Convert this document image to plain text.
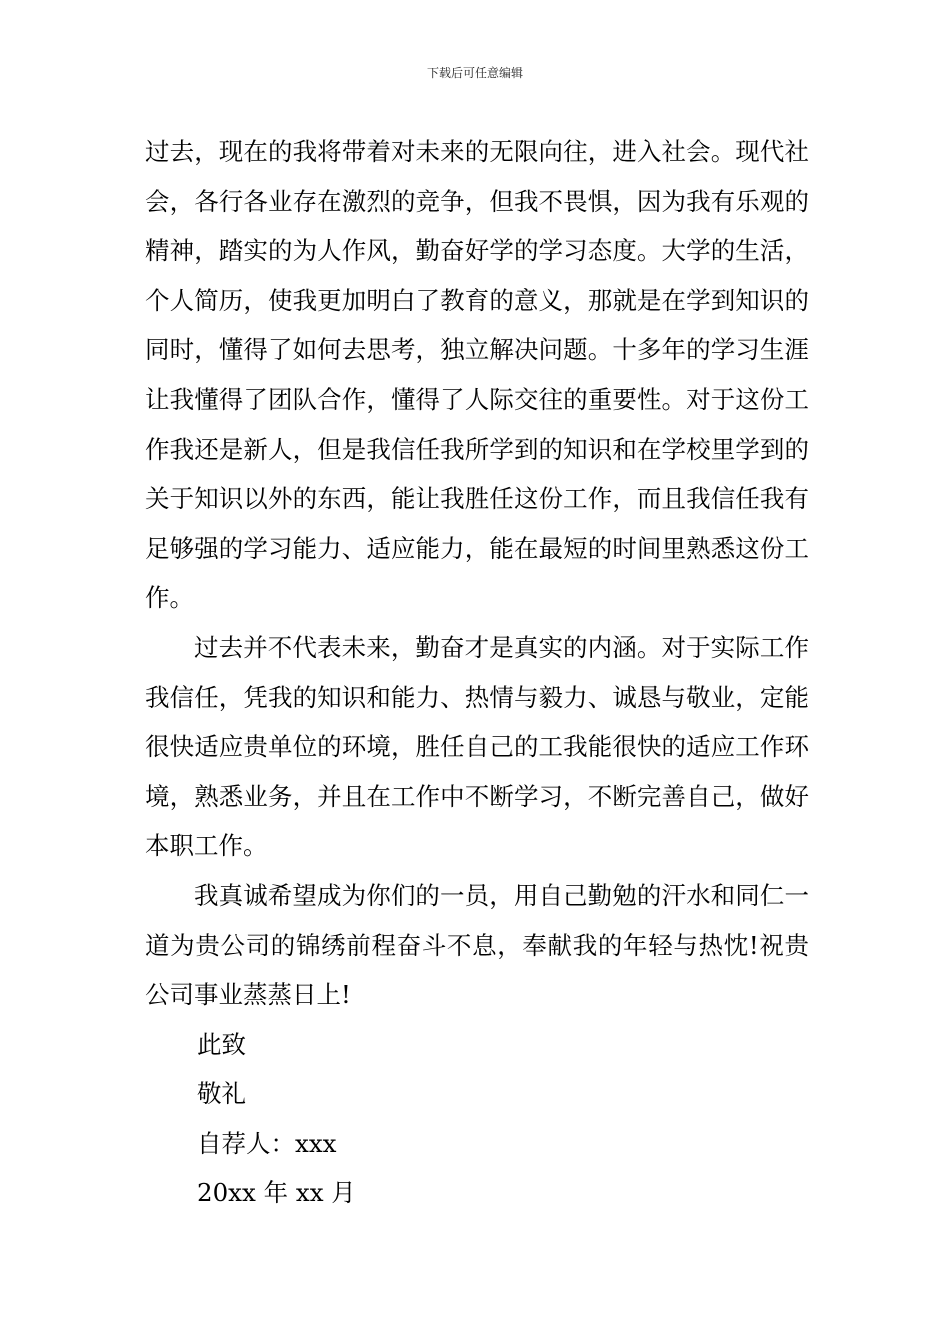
下载后可任意编辑

过去，现在的我将带着对未来的无限向往，进入社会。现代社会，各行各业存在激烈的竞争，但我不畏惧，因为我有乐观的精神，踏实的为人作风，勤奋好学的学习态度。大学的生活，个人简历，使我更加明白了教育的意义，那就是在学到知识的同时，懂得了如何去思考，独立解决问题。十多年的学习生涯让我懂得了团队合作，懂得了人际交往的重要性。对于这份工作我还是新人，但是我信任我所学到的知识和在学校里学到的关于知识以外的东西，能让我胜任这份工作，而且我信任我有足够强的学习能力、适应能力，能在最短的时间里熟悉这份工作。

过去并不代表未来，勤奋才是真实的内涵。对于实际工作我信任，凭我的知识和能力、热情与毅力、诚恳与敬业，定能很快适应贵单位的环境，胜任自己的工我能很快的适应工作环境，熟悉业务，并且在工作中不断学习，不断完善自己，做好本职工作。

我真诚希望成为你们的一员，用自己勤勉的汗水和同仁一道为贵公司的锦绣前程奋斗不息，奉献我的年轻与热忱!祝贵公司事业蒸蒸日上!

此致

敬礼

自荐人：xxx

20xx 年 xx 月
